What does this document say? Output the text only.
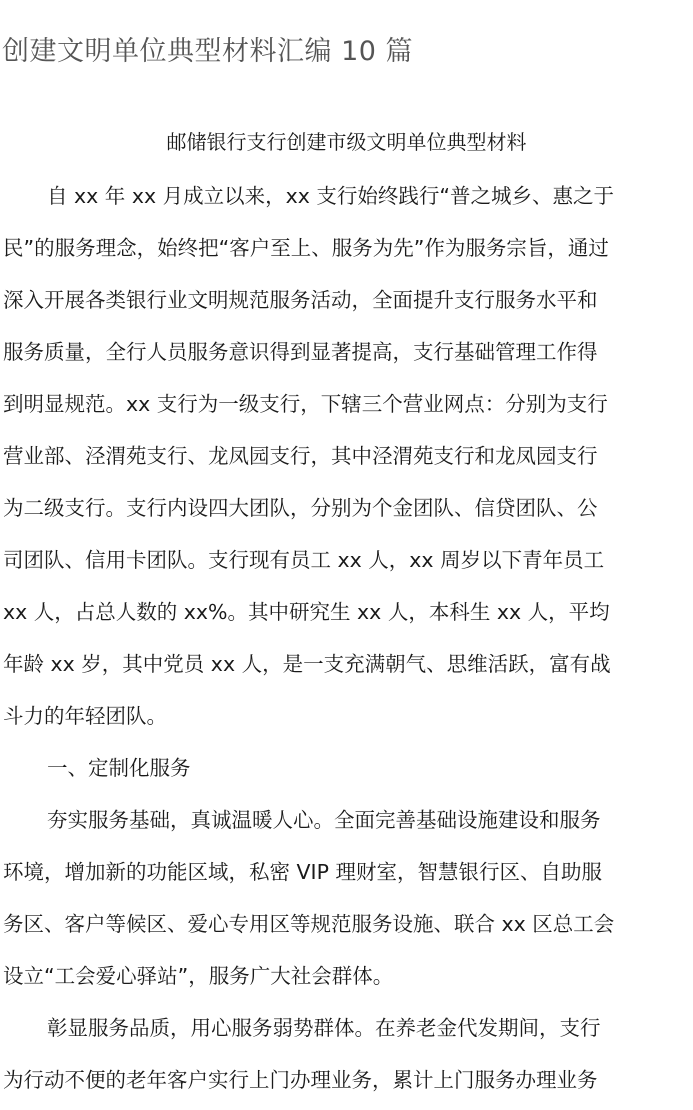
创建文明单位典型材料汇编 10 篇
邮储银行支行创建市级文明单位典型材料
自 xx 年 xx 月成立以来，xx 支行始终践行“普之城乡、惠之于
民”的服务理念，始终把“客户至上、服务为先”作为服务宗旨，通过
深入开展各类银行业文明规范服务活动，全面提升支行服务水平和
服务质量，全行人员服务意识得到显著提高，支行基础管理工作得
到明显规范。xx 支行为一级支行，下辖三个营业网点：分别为支行
营业部、泾渭苑支行、龙凤园支行，其中泾渭苑支行和龙凤园支行
为二级支行。支行内设四大团队，分别为个金团队、信贷团队、公
司团队、信用卡团队。支行现有员工 xx 人，xx 周岁以下青年员工
xx 人，占总人数的 xx%。其中研究生 xx 人，本科生 xx 人，平均
年龄 xx 岁，其中党员 xx 人，是一支充满朝气、思维活跃，富有战
斗力的年轻团队。
一、定制化服务
夯实服务基础，真诚温暖人心。全面完善基础设施建设和服务
环境，增加新的功能区域，私密 VIP 理财室，智慧银行区、自助服
务区、客户等候区、爱心专用区等规范服务设施、联合 xx 区总工会
设立“工会爱心驿站”，服务广大社会群体。
彰显服务品质，用心服务弱势群体。在养老金代发期间，支行
为行动不便的老年客户实行上门办理业务，累计上门服务办理业务
